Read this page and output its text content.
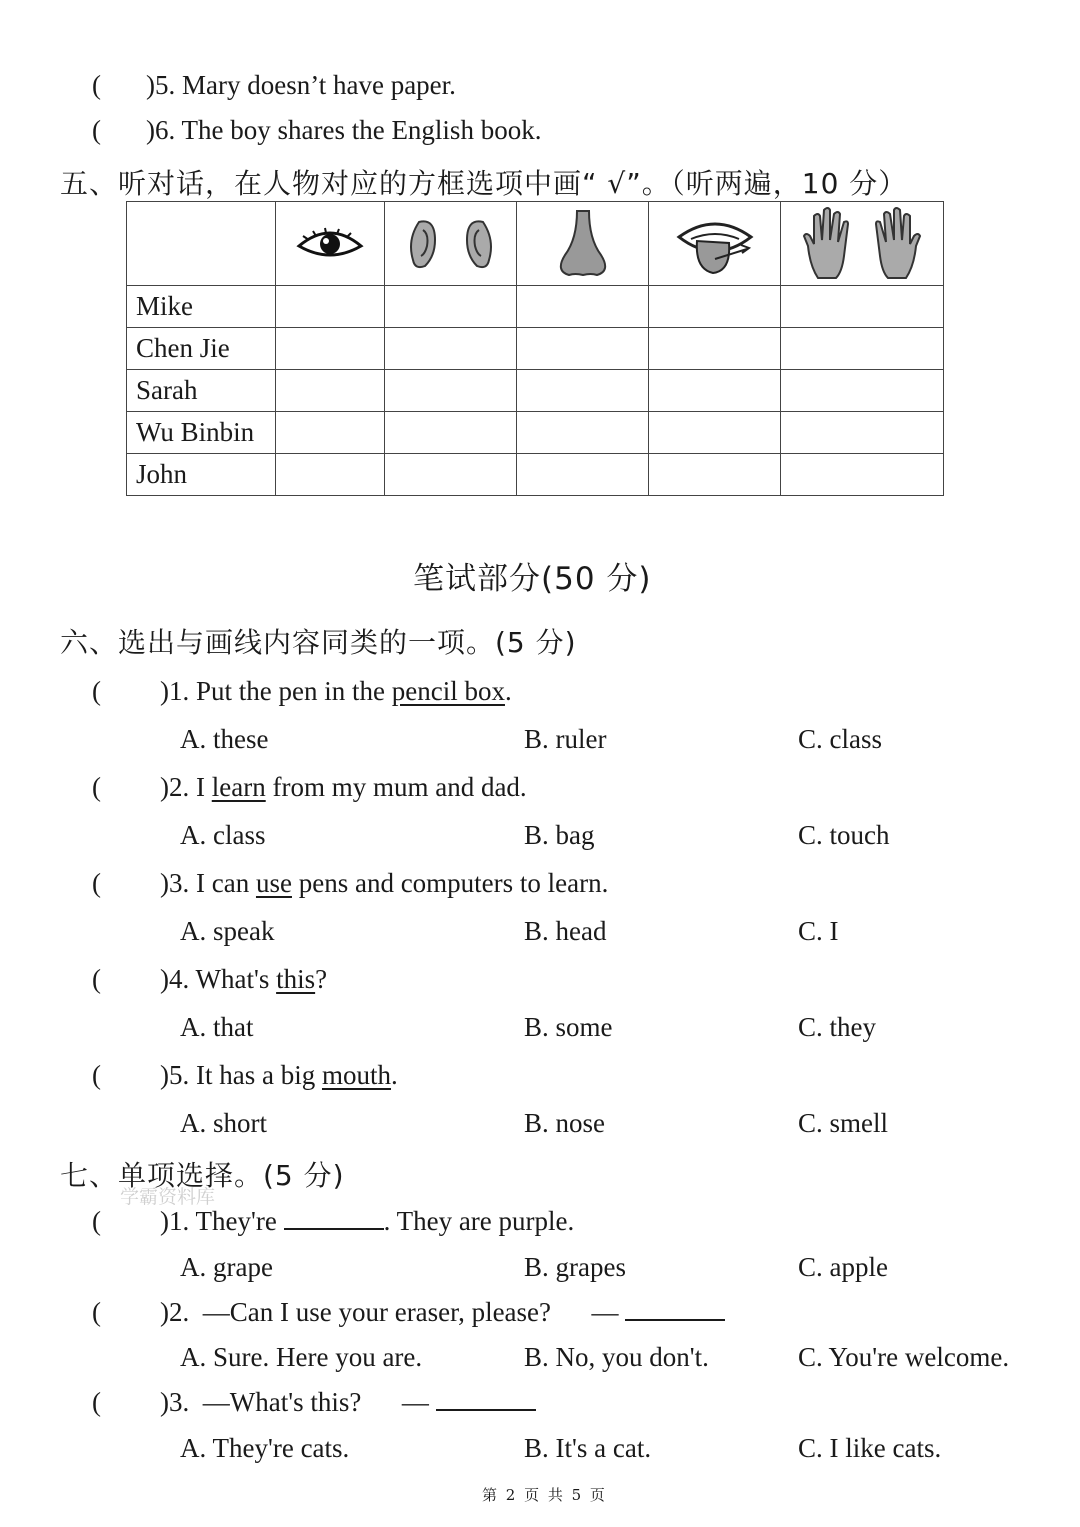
( )5. Mary doesn’t have paper.
( )6. The boy shares the English book.
五、听对话，在人物对应的方框选项中画“ √”。（听两遍，10 分）

Mike					
Chen Jie					
Sarah					
Wu Binbin					
John					
笔试部分(50 分)
六、选出与画线内容同类的一项。(5 分)
( )1. Put the pen in the pencil box.
A. these	B. ruler	C. class
( )2. I learn from my mum and dad.
A. class	B. bag	C. touch
( )3. I can use pens and computers to learn.
A. speak	B. head	C. I
( )4. What's this?
A. that	B. some	C. they
( )5. It has a big mouth.
A. short	B. nose	C. smell
七、单项选择。(5 分)
学霸资料库
( )1. They're	. They are purple.
A. grape	B. grapes	C. apple
( )2.  —Can I use your eraser, please?      —
A. Sure. Here you are.	B. No, you don't.	C. You're welcome.
( )3.  —What's this?      —
A. They're cats.	B. It's a cat.	C. I like cats.
第 2 页 共 5 页
